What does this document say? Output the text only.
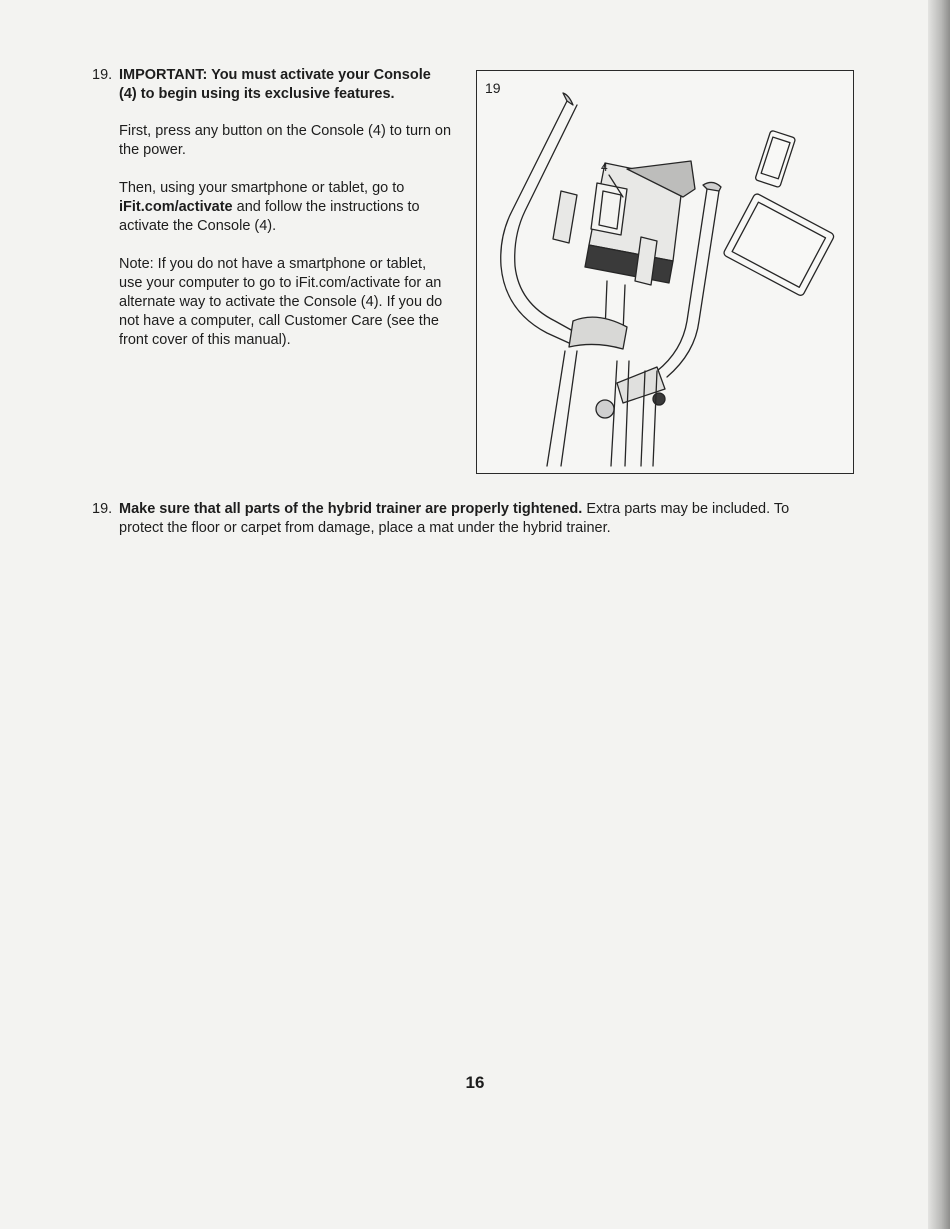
19. IMPORTANT: You must activate your Console (4) to begin using its exclusive features.

First, press any button on the Console (4) to turn on the power.

Then, using your smartphone or tablet, go to iFit.com/activate and follow the instructions to activate the Console (4).

Note: If you do not have a smartphone or tablet, use your computer to go to iFit.com/activate for an alternate way to activate the Console (4). If you do not have a computer, call Customer Care (see the front cover of this manual).

19
4
19. Make sure that all parts of the hybrid trainer are properly tightened. Extra parts may be included. To protect the floor or carpet from damage, place a mat under the hybrid trainer.
16
